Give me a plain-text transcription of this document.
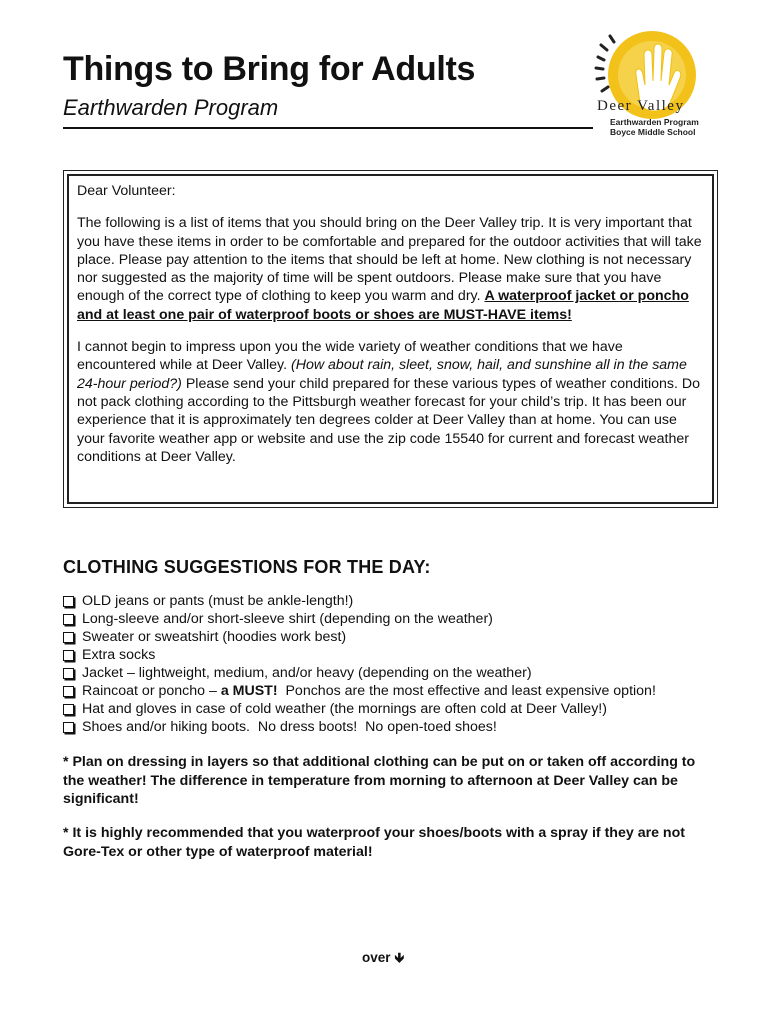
Things to Bring for Adults
Earthwarden Program	Deer Valley
Earthwarden Program
Boyce Middle School

Dear Volunteer:

The following is a list of items that you should bring on the Deer Valley trip. It is very important that you have these items in order to be comfortable and prepared for the outdoor activities that will take place. Please pay attention to the items that should be left at home. New clothing is not necessary nor suggested as the majority of time will be spent outdoors. Please make sure that you have enough of the correct type of clothing to keep you warm and dry. A waterproof jacket or poncho and at least one pair of waterproof boots or shoes are MUST-HAVE items!

I cannot begin to impress upon you the wide variety of weather conditions that we have encountered while at Deer Valley. (How about rain, sleet, snow, hail, and sunshine all in the same 24-hour period?) Please send your child prepared for these various types of weather conditions. Do not pack clothing according to the Pittsburgh weather forecast for your child’s trip. It has been our experience that it is approximately ten degrees colder at Deer Valley than at home. You can use your favorite weather app or website and use the zip code 15540 for current and forecast weather conditions at Deer Valley.

CLOTHING SUGGESTIONS FOR THE DAY:
OLD jeans or pants (must be ankle-length!)
Long-sleeve and/or short-sleeve shirt (depending on the weather)
Sweater or sweatshirt (hoodies work best)
Extra socks
Jacket – lightweight, medium, and/or heavy (depending on the weather)
Raincoat or poncho – a MUST! Ponchos are the most effective and least expensive option!
Hat and gloves in case of cold weather (the mornings are often cold at Deer Valley!)
Shoes and/or hiking boots.  No dress boots!  No open-toed shoes!
* Plan on dressing in layers so that additional clothing can be put on or taken off according to the weather! The difference in temperature from morning to afternoon at Deer Valley can be significant!
* It is highly recommended that you waterproof your shoes/boots with a spray if they are not Gore-Tex or other type of waterproof material!
over 🡻
